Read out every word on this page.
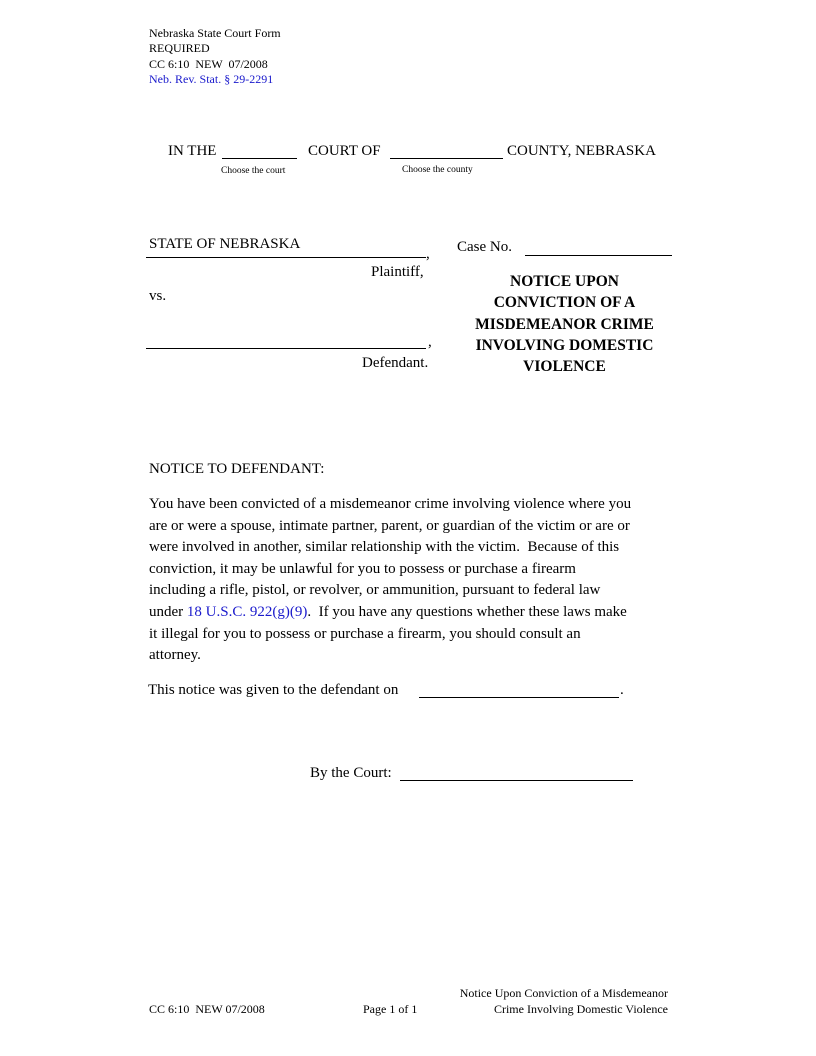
Nebraska State Court Form
REQUIRED
CC 6:10  NEW  07/2008
Neb. Rev. Stat. § 29-2291
IN THE	COURT OF	COUNTY, NEBRASKA
Choose the court	Choose the county
STATE OF NEBRASKA
,
Plaintiff,
vs.
,
Defendant.
Case No.
NOTICE UPON
CONVICTION OF A
MISDEMEANOR CRIME
INVOLVING DOMESTIC
VIOLENCE
NOTICE TO DEFENDANT:
You have been convicted of a misdemeanor crime involving violence where you
are or were a spouse, intimate partner, parent, or guardian of the victim or are or
were involved in another, similar relationship with the victim.  Because of this
conviction, it may be unlawful for you to possess or purchase a firearm
including a rifle, pistol, or revolver, or ammunition, pursuant to federal law
under 18 U.S.C. 922(g)(9).  If you have any questions whether these laws make
it illegal for you to possess or purchase a firearm, you should consult an
attorney.
This notice was given to the defendant on	.
By the Court:
CC 6:10  NEW 07/2008	Page 1 of 1
Notice Upon Conviction of a Misdemeanor
Crime Involving Domestic Violence
